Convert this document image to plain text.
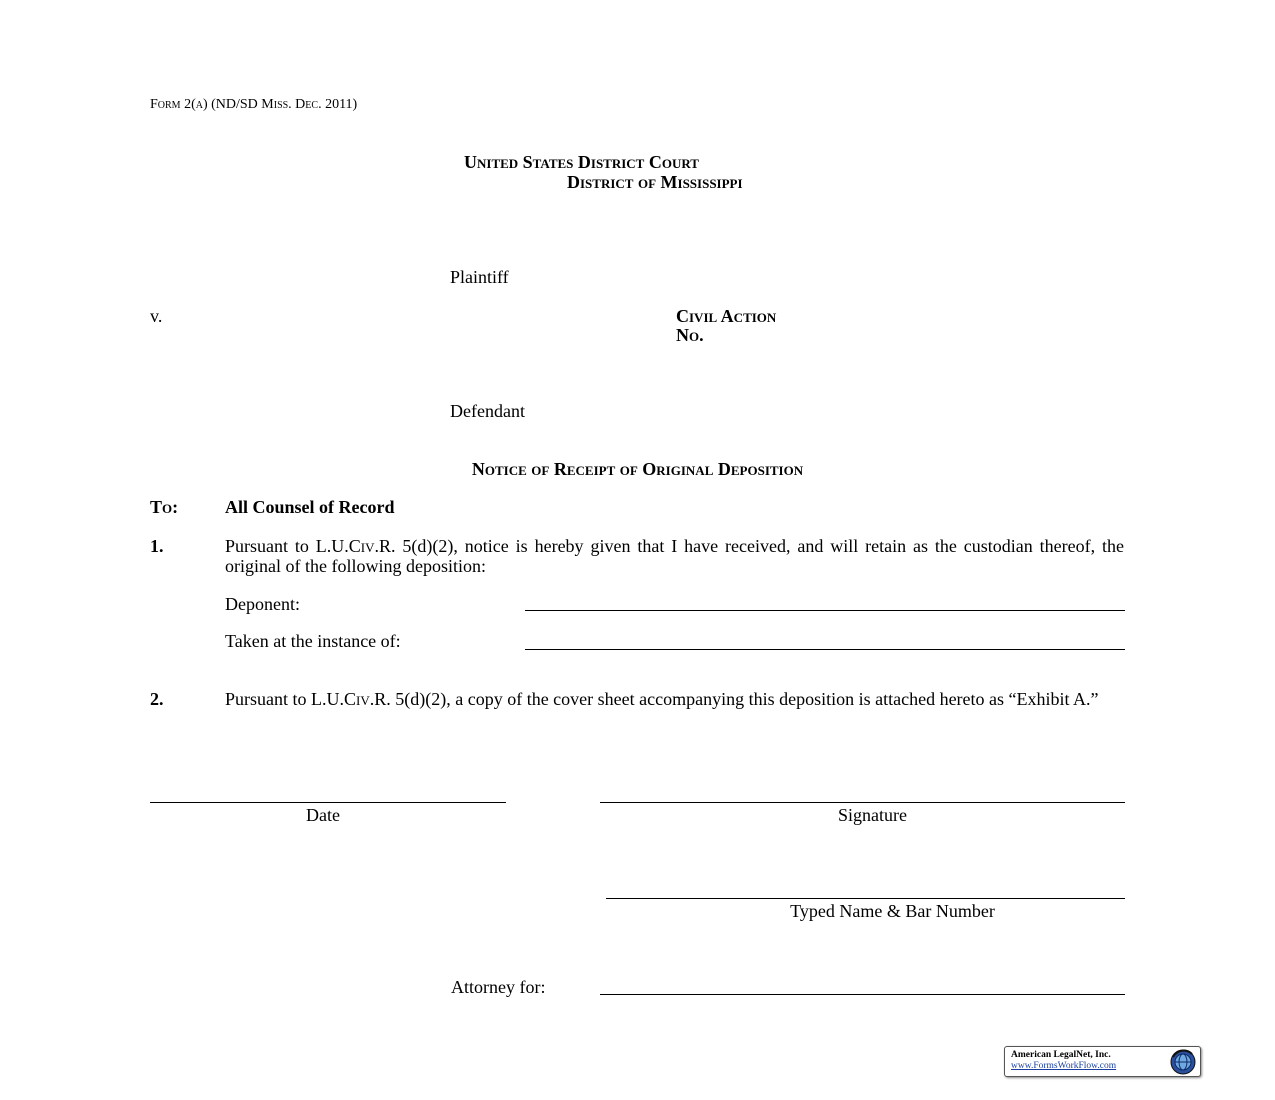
Form 2(a) (ND/SD Miss. Dec. 2011)
United States District Court
District of Mississippi
Plaintiff
v.	Civil Action
No.
Defendant
Notice of Receipt of Original Deposition
To:	All Counsel of Record
1.	Pursuant to L.U.Civ.R. 5(d)(2), notice is hereby given that I have received, and will retain as the custodian thereof, the original of the following deposition:
Deponent:
Taken at the instance of:
2.	Pursuant to L.U.Civ.R. 5(d)(2), a copy of the cover sheet accompanying this deposition is attached hereto as “Exhibit A.”
Date	Signature
Typed Name & Bar Number
Attorney for:
American LegalNet, Inc.
www.FormsWorkFlow.com
